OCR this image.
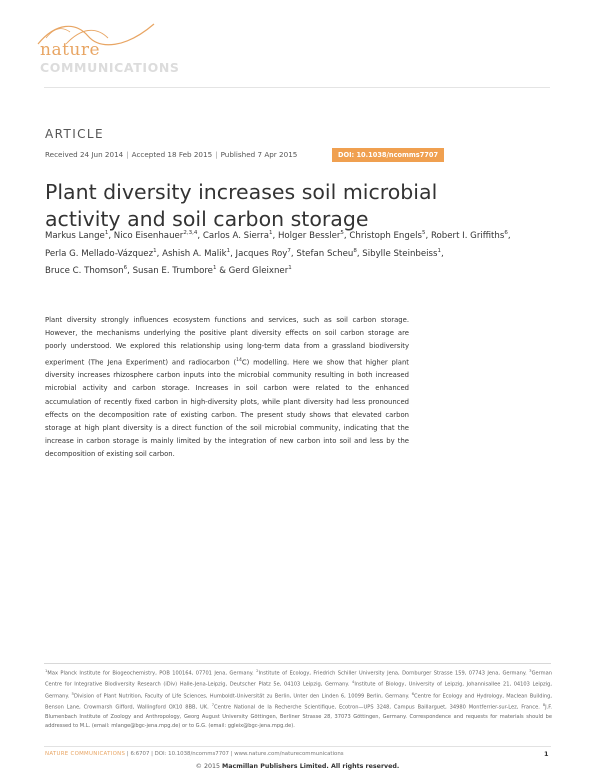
nature
COMMUNICATIONS
ARTICLE
Received 24 Jun 2014 | Accepted 18 Feb 2015 | Published 7 Apr 2015	DOI: 10.1038/ncomms7707
Plant diversity increases soil microbial activity and soil carbon storage
Markus Lange$^1$, Nico Eisenhauer$^{2,3,4}$, Carlos A. Sierra$^1$, Holger Bessler$^5$, Christoph Engels$^5$, Robert I. Griffiths$^6$,
Perla G. Mellado-Vázquez$^1$, Ashish A. Malik$^1$, Jacques Roy$^7$, Stefan Scheu$^8$, Sibylle Steinbeiss$^1$,
Bruce C. Thomson$^6$, Susan E. Trumbore$^1$ & Gerd Gleixner$^1$
Plant diversity strongly influences ecosystem functions and services, such as soil carbon storage. However, the mechanisms underlying the positive plant diversity effects on soil carbon storage are poorly understood. We explored this relationship using long-term data from a grassland biodiversity experiment (The Jena Experiment) and radiocarbon ($^{14}$C) modelling. Here we show that higher plant diversity increases rhizosphere carbon inputs into the microbial community resulting in both increased microbial activity and carbon storage. Increases in soil carbon were related to the enhanced accumulation of recently fixed carbon in high-diversity plots, while plant diversity had less pronounced effects on the decomposition rate of existing carbon. The present study shows that elevated carbon storage at high plant diversity is a direct function of the soil microbial community, indicating that the increase in carbon storage is mainly limited by the integration of new carbon into soil and less by the decomposition of existing soil carbon.
$^1$Max Planck Institute for Biogeochemistry, POB 100164, 07701 Jena, Germany. $^2$Institute of Ecology, Friedrich Schiller University Jena, Dornburger Strasse 159, 07743 Jena, Germany. $^3$German Centre for Integrative Biodiversity Research (iDiv) Halle-Jena-Leipzig, Deutscher Platz 5e, 04103 Leipzig, Germany. $^4$Institute of Biology, University of Leipzig, Johannisallee 21, 04103 Leipzig, Germany. $^5$Division of Plant Nutrition, Faculty of Life Sciences, Humboldt-Universität zu Berlin, Unter den Linden 6, 10099 Berlin, Germany. $^6$Centre for Ecology and Hydrology, Maclean Building, Benson Lane, Crowmarsh Gifford, Wallingford OX10 8BB, UK. $^7$Centre National de la Recherche Scientifique, Ecotron—UPS 3248, Campus Baillarguet, 34980 Montferrier-sur-Lez, France. $^8$J.F. Blumenbach Institute of Zoology and Anthropology, Georg August University Göttingen, Berliner Strasse 28, 37073 Göttingen, Germany. Correspondence and requests for materials should be addressed to M.L. (email: mlange@bgc-jena.mpg.de) or to G.G. (email: ggleix@bgc-jena.mpg.de).
NATURE COMMUNICATIONS | 6:6707 | DOI: 10.1038/ncomms7707 | www.nature.com/naturecommunications	1
© 2015 Macmillan Publishers Limited. All rights reserved.
